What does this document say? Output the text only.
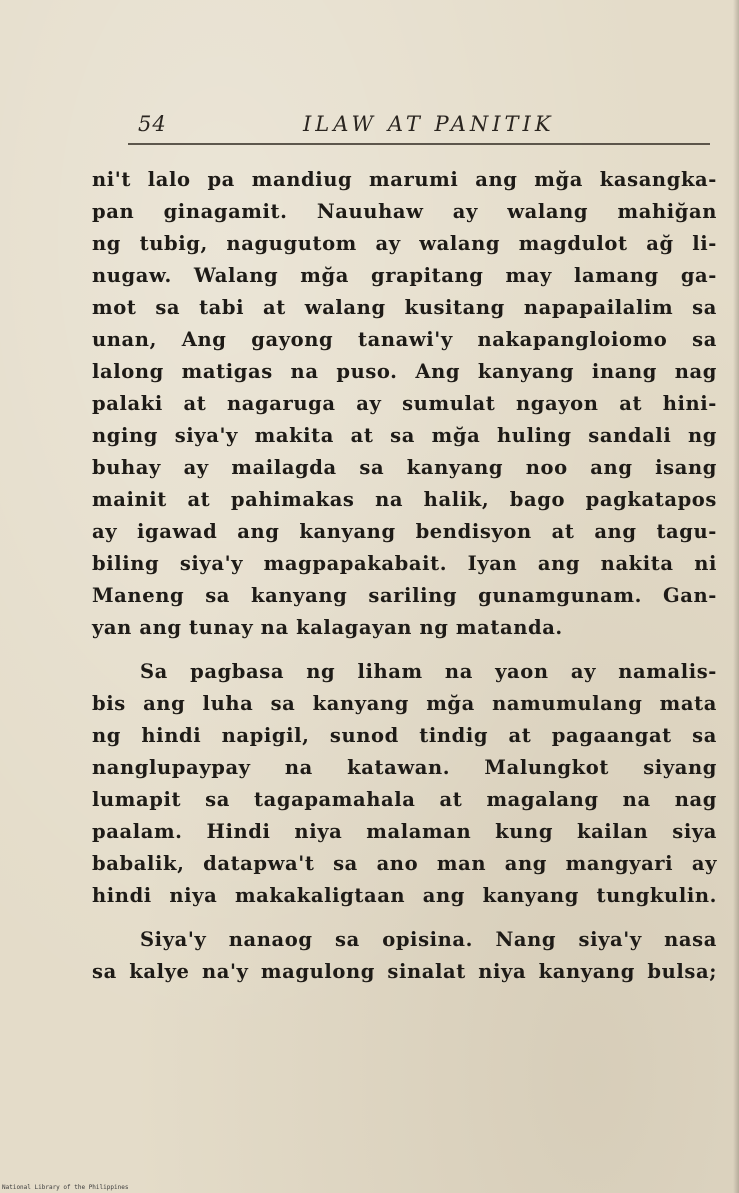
54	ILAW AT PANITIK
ni't lalo pa mandiug marumi ang mğa kasangka-
pan ginagamit. Nauuhaw ay walang mahiğan
ng tubig, nagugutom ay walang magdulot ağ li-
nugaw. Walang mğa grapitang may lamang ga-
mot sa tabi at walang kusitang napapailalim sa
unan, Ang gayong tanawi'y nakapangloiomo sa
lalong matigas na puso. Ang kanyang inang nag
palaki at nagaruga ay sumulat ngayon at hini-
nging siya'y makita at sa mğa huling sandali ng
buhay ay mailagda sa kanyang noo ang isang
mainit at pahimakas na halik, bago pagkatapos
ay igawad ang kanyang bendisyon at ang tagu-
biling siya'y magpapakabait. Iyan ang nakita ni
Maneng sa kanyang sariling gunamgunam. Gan-
yan ang tunay na kalagayan ng matanda.
Sa pagbasa ng liham na yaon ay namalis-
bis ang luha sa kanyang mğa namumulang mata
ng hindi napigil, sunod tindig at pagaangat sa
nanglupaypay na katawan. Malungkot siyang
lumapit sa tagapamahala at magalang na nag
paalam. Hindi niya malaman kung kailan siya
babalik, datapwa't sa ano man ang mangyari ay
hindi niya makakaligtaan ang kanyang tungkulin.
Siya'y nanaog sa opisina. Nang siya'y nasa
sa kalye na'y magulong sinalat niya kanyang bulsa;
National Library of the Philippines
